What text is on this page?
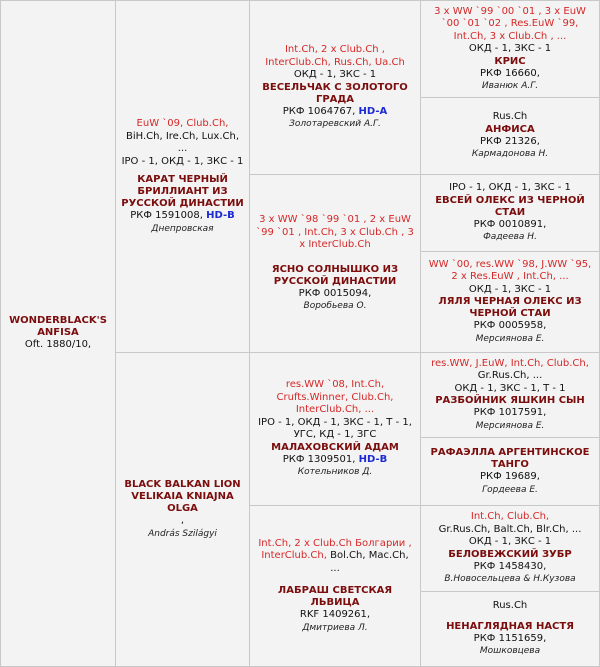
WONDERBLACK'S ANFISA
Oft. 1880/10,
EuW `09, Club.Ch,
BiH.Ch, Ire.Ch, Lux.Ch,
...
IPO - 1, ОКД - 1, ЗКС - 1
КАРАТ ЧЕРНЫЙ БРИЛЛИАНТ ИЗ РУССКОЙ ДИНАСТИИ
РКФ 1591008, HD-B
Днепровская
BLACK BALKAN LION VELIKAIA KNIAJNA OLGA
,
András Szilágyi
Int.Ch, 2 x Club.Ch ,
InterClub.Ch, Rus.Ch, Ua.Ch
ОКД - 1, ЗКС - 1
ВЕСЕЛЬЧАК С ЗОЛОТОГО ГРАДА
РКФ 1064767, HD-A
Золотаревский А.Г.
3 x WW `98 `99 `01 , 2 x EuW `99 `01 , Int.Ch, 3 x Club.Ch , 3 x InterClub.Ch
ЯСНО СОЛНЫШКО ИЗ РУССКОЙ ДИНАСТИИ
РКФ 0015094,
Воробьева О.
res.WW `08, Int.Ch,
Crufts.Winner, Club.Ch,
InterClub.Ch, ...
IPO - 1, ОКД - 1, ЗКС - 1, Т - 1, УГС, КД - 1, ЗГС
МАЛАХОВСКИЙ АДАМ
РКФ 1309501, HD-B
Котельников Д.
Int.Ch, 2 x Club.Ch Болгарии ,
InterClub.Ch, Bol.Ch, Mac.Ch,
...
ЛАБРАШ СВЕТСКАЯ ЛЬВИЦА
RKF 1409261,
Дмитриева Л.
3 x WW `99 `00 `01 , 3 x EuW `00 `01 `02 , Res.EuW `99, Int.Ch, 3 x Club.Ch , ...
ОКД - 1, ЗКС - 1
КРИС
РКФ 16660,
Иванюк А.Г.
Rus.Ch
АНФИСА
РКФ 21326,
Кармадонова Н.
IPO - 1, ОКД - 1, ЗКС - 1
ЕВСЕЙ ОЛЕКС ИЗ ЧЕРНОЙ СТАИ
РКФ 0010891,
Фадеева Н.
WW `00, res.WW `98, J.WW `95, 2 x Res.EuW , Int.Ch, ...
ОКД - 1, ЗКС - 1
ЛЯЛЯ ЧЕРНАЯ ОЛЕКС ИЗ ЧЕРНОЙ СТАИ
РКФ 0005958,
Мерсиянова Е.
res.WW, J.EuW, Int.Ch, Club.Ch,
Gr.Rus.Ch, ...
ОКД - 1, ЗКС - 1, Т - 1
РАЗБОЙНИК ЯШКИН СЫН
РКФ 1017591,
Мерсиянова Е.
РАФАЭЛЛА АРГЕНТИНСКОЕ ТАНГО
РКФ 19689,
Гордеева Е.
Int.Ch, Club.Ch,
Gr.Rus.Ch, Balt.Ch, Blr.Ch, ...
ОКД - 1, ЗКС - 1
БЕЛОВЕЖСКИЙ ЗУБР
РКФ 1458430,
В.Новосельцева & Н.Кузова
Rus.Ch
НЕНАГЛЯДНАЯ НАСТЯ
РКФ 1151659,
Мошковцева
